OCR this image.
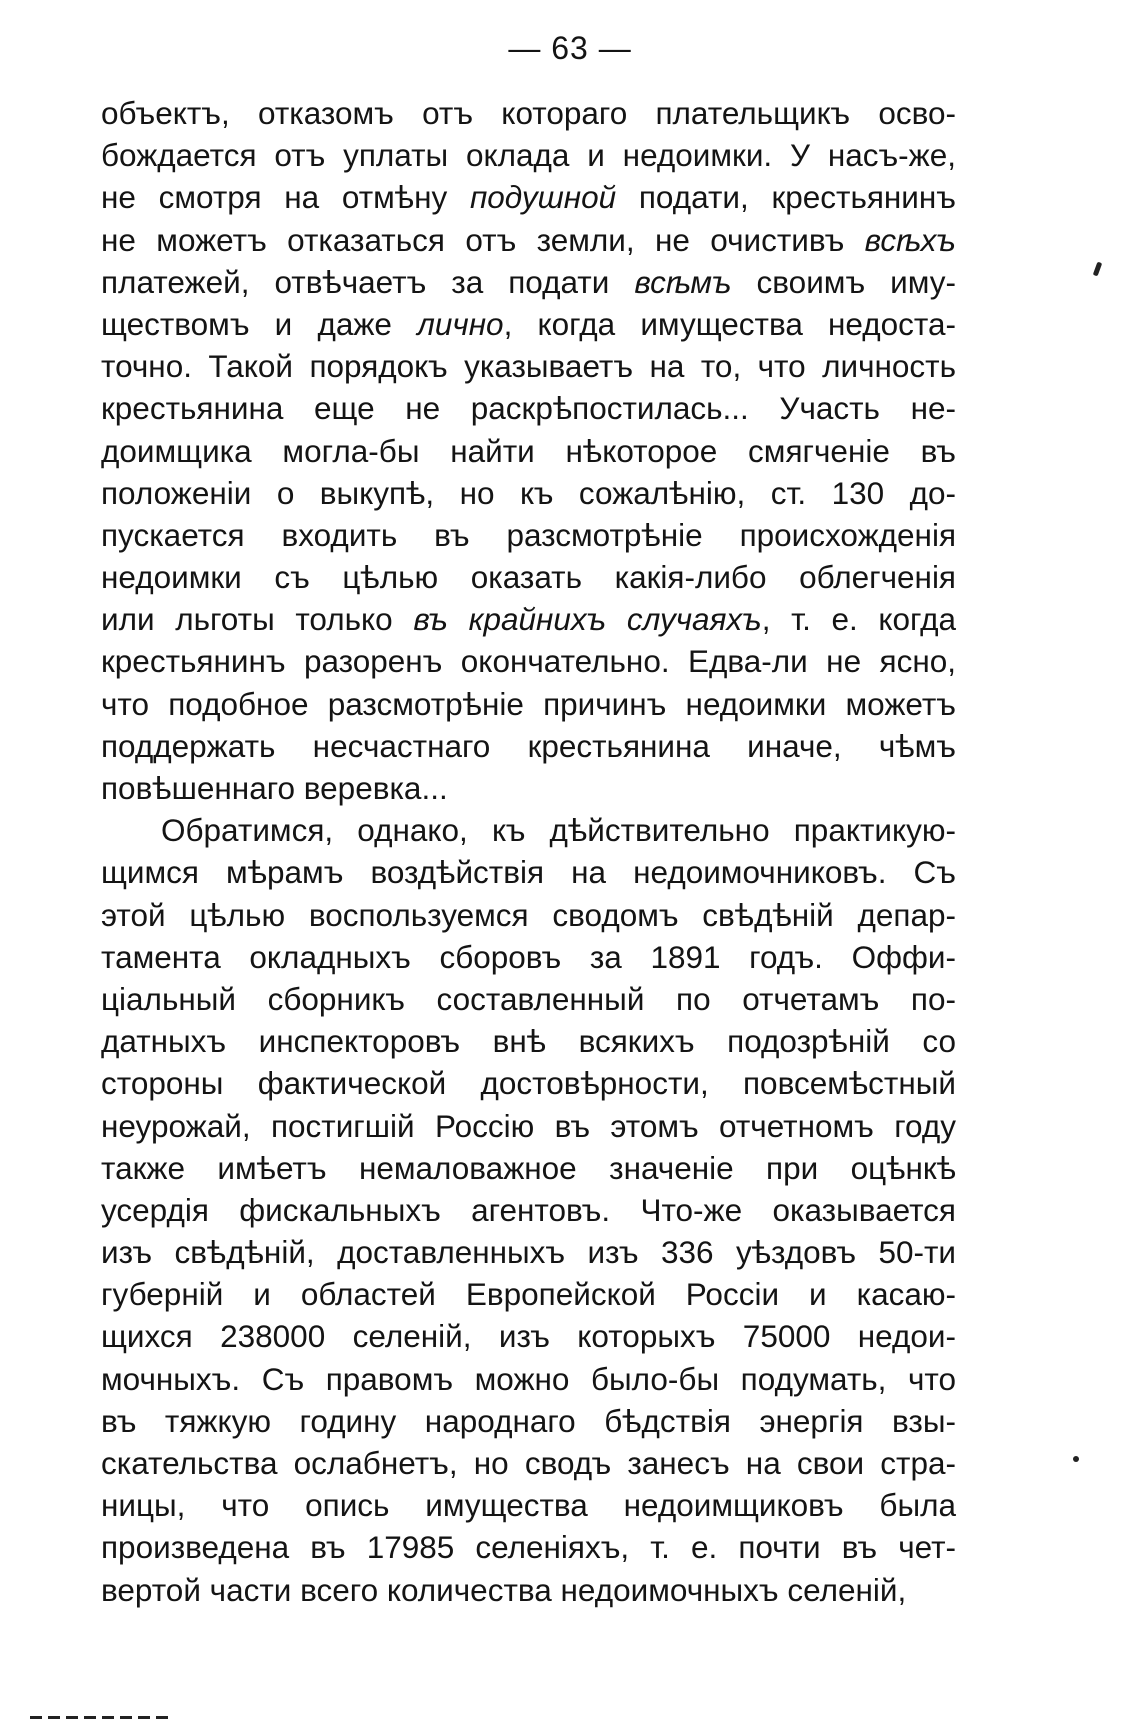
— 63 —
объектъ, отказомъ отъ котораго плательщикъ осво-
бождается отъ уплаты оклада и недоимки. У насъ-же,
не смотря на отмѣну подушной подати, крестьянинъ
не можетъ отказаться отъ земли, не очистивъ всѣхъ
платежей, отвѣчаетъ за подати всѣмъ своимъ иму-
ществомъ и даже лично, когда имущества недоста-
точно. Такой порядокъ указываетъ на то, что личность
крестьянина еще не раскрѣпостилась... Участь не-
доимщика могла-бы найти нѣкоторое смягченіе въ
положеніи о выкупѣ, но къ сожалѣнію, ст. 130 до-
пускается входить въ разсмотрѣніе происхожденія
недоимки съ цѣлью оказать какія-либо облегченія
или льготы только въ крайнихъ случаяхъ, т. е. когда
крестьянинъ разоренъ окончательно. Едва-ли не ясно,
что подобное разсмотрѣніе причинъ недоимки можетъ
поддержать несчастнаго крестьянина иначе, чѣмъ
повѣшеннаго веревка...
Обратимся, однако, къ дѣйствительно практикую-
щимся мѣрамъ воздѣйствія на недоимочниковъ. Съ
этой цѣлью воспользуемся сводомъ свѣдѣній депар-
тамента окладныхъ сборовъ за 1891 годъ. Оффи-
ціальный сборникъ составленный по отчетамъ по-
датныхъ инспекторовъ внѣ всякихъ подозрѣній со
стороны фактической достовѣрности, повсемѣстный
неурожай, постигшій Россію въ этомъ отчетномъ году
также имѣетъ немаловажное значеніе при оцѣнкѣ
усердія фискальныхъ агентовъ. Что-же оказывается
изъ свѣдѣній, доставленныхъ изъ 336 уѣздовъ 50-ти
губерній и областей Европейской Россіи и касаю-
щихся 238000 селеній, изъ которыхъ 75000 недои-
мочныхъ. Съ правомъ можно было-бы подумать, что
въ тяжкую годину народнаго бѣдствія энергія взы-
скательства ослабнетъ, но сводъ занесъ на свои стра-
ницы, что опись имущества недоимщиковъ была
произведена въ 17985 селеніяхъ, т. е. почти въ чет-
вертой части всего количества недоимочныхъ селеній,
